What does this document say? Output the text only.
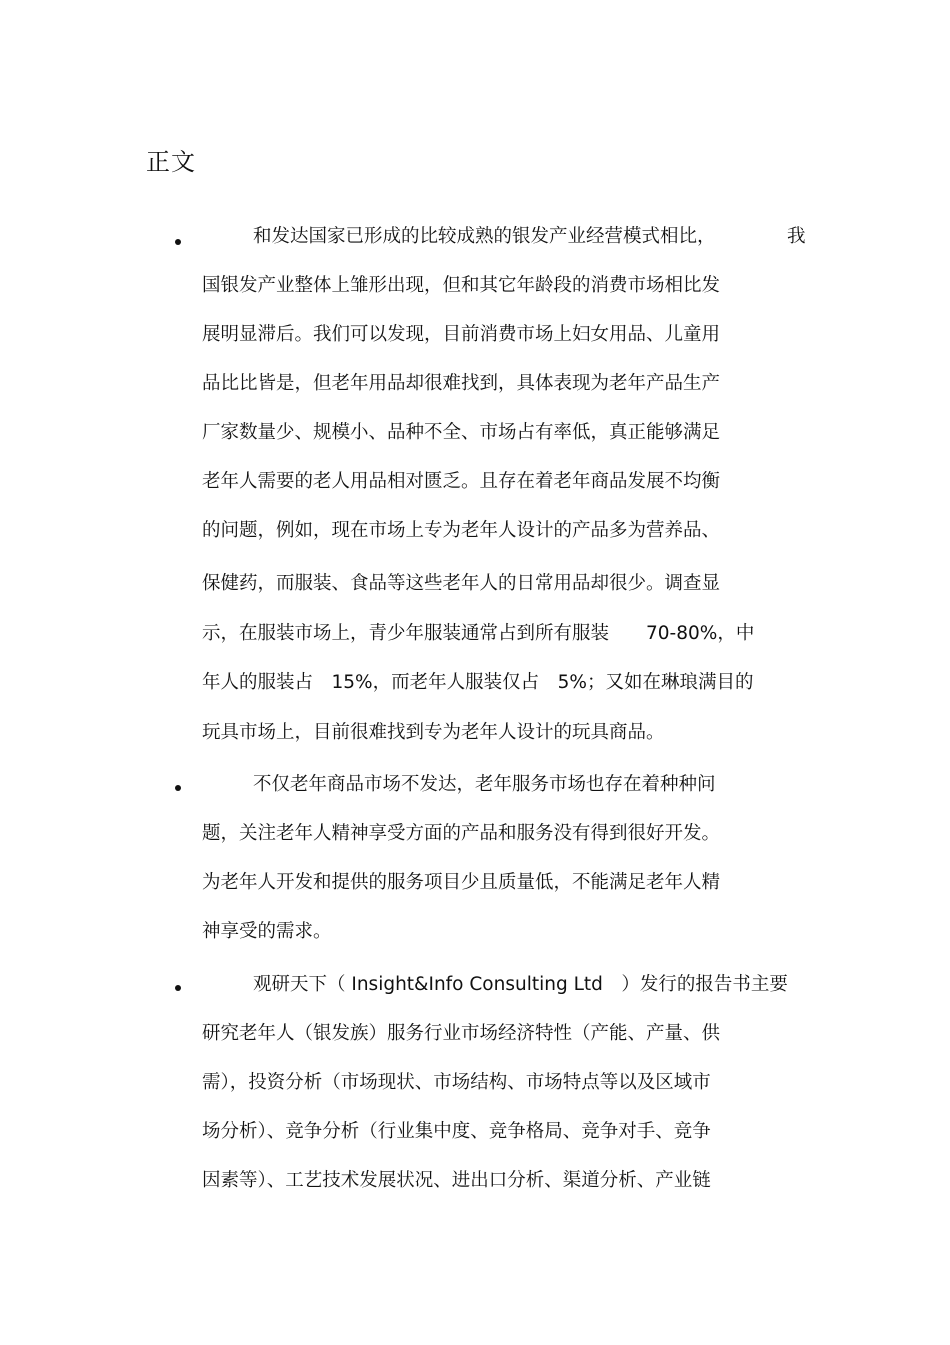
正文
和发达国家已形成的比较成熟的银发产业经营模式相比，	我
国银发产业整体上雏形出现，但和其它年龄段的消费市场相比发
展明显滞后。我们可以发现，目前消费市场上妇女用品、儿童用
品比比皆是，但老年用品却很难找到，具体表现为老年产品生产
厂家数量少、规模小、品种不全、市场占有率低，真正能够满足
老年人需要的老人用品相对匮乏。且存在着老年商品发展不均衡
的问题，例如，现在市场上专为老年人设计的产品多为营养品、
保健药，而服装、食品等这些老年人的日常用品却很少。调查显
示，在服装市场上，青少年服装通常占到所有服装　　70-80%，中
年人的服装占　15%，而老年人服装仅占　5%；又如在琳琅满目的
玩具市场上，目前很难找到专为老年人设计的玩具商品。
不仅老年商品市场不发达，老年服务市场也存在着种种问
题，关注老年人精神享受方面的产品和服务没有得到很好开发。
为老年人开发和提供的服务项目少且质量低，不能满足老年人精
神享受的需求。
观研天下（ Insight&Info Consulting Ltd　）发行的报告书主要
研究老年人（银发族）服务行业市场经济特性（产能、产量、供
需），投资分析（市场现状、市场结构、市场特点等以及区域市
场分析）、竞争分析（行业集中度、竞争格局、竞争对手、竞争
因素等）、工艺技术发展状况、进出口分析、渠道分析、产业链
